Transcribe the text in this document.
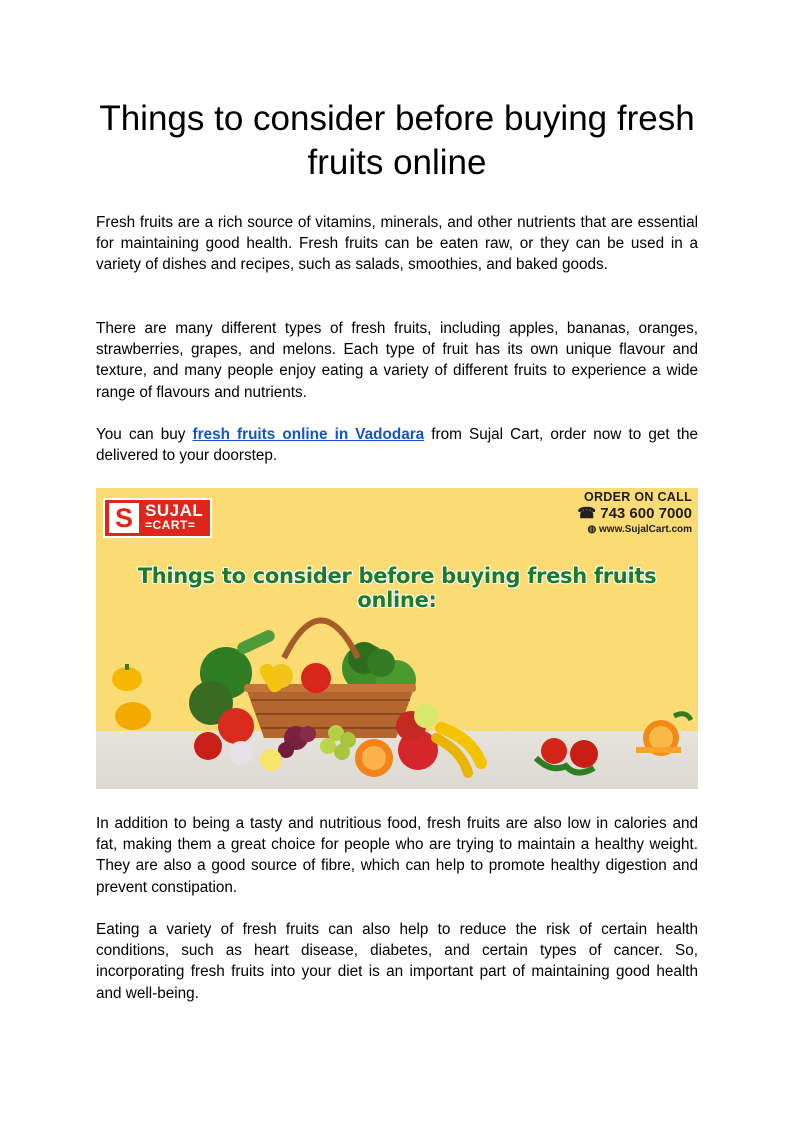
Things to consider before buying fresh fruits online

Fresh fruits are a rich source of vitamins, minerals, and other nutrients that are essential for maintaining good health. Fresh fruits can be eaten raw, or they can be used in a variety of dishes and recipes, such as salads, smoothies, and baked goods.

There are many different types of fresh fruits, including apples, bananas, oranges, strawberries, grapes, and melons. Each type of fruit has its own unique flavour and texture, and many people enjoy eating a variety of different fruits to experience a wide range of flavours and nutrients.

You can buy fresh fruits online in Vadodara from Sujal Cart, order now to get the delivered to your doorstep.

S SUJAL
=CART=
ORDER ON CALL
☎ 743 600 7000
◍ www.SujalCart.com
Things to consider before buying fresh fruits online:

In addition to being a tasty and nutritious food, fresh fruits are also low in calories and fat, making them a great choice for people who are trying to maintain a healthy weight. They are also a good source of fibre, which can help to promote healthy digestion and prevent constipation.

Eating a variety of fresh fruits can also help to reduce the risk of certain health conditions, such as heart disease, diabetes, and certain types of cancer. So, incorporating fresh fruits into your diet is an important part of maintaining good health and well-being.
